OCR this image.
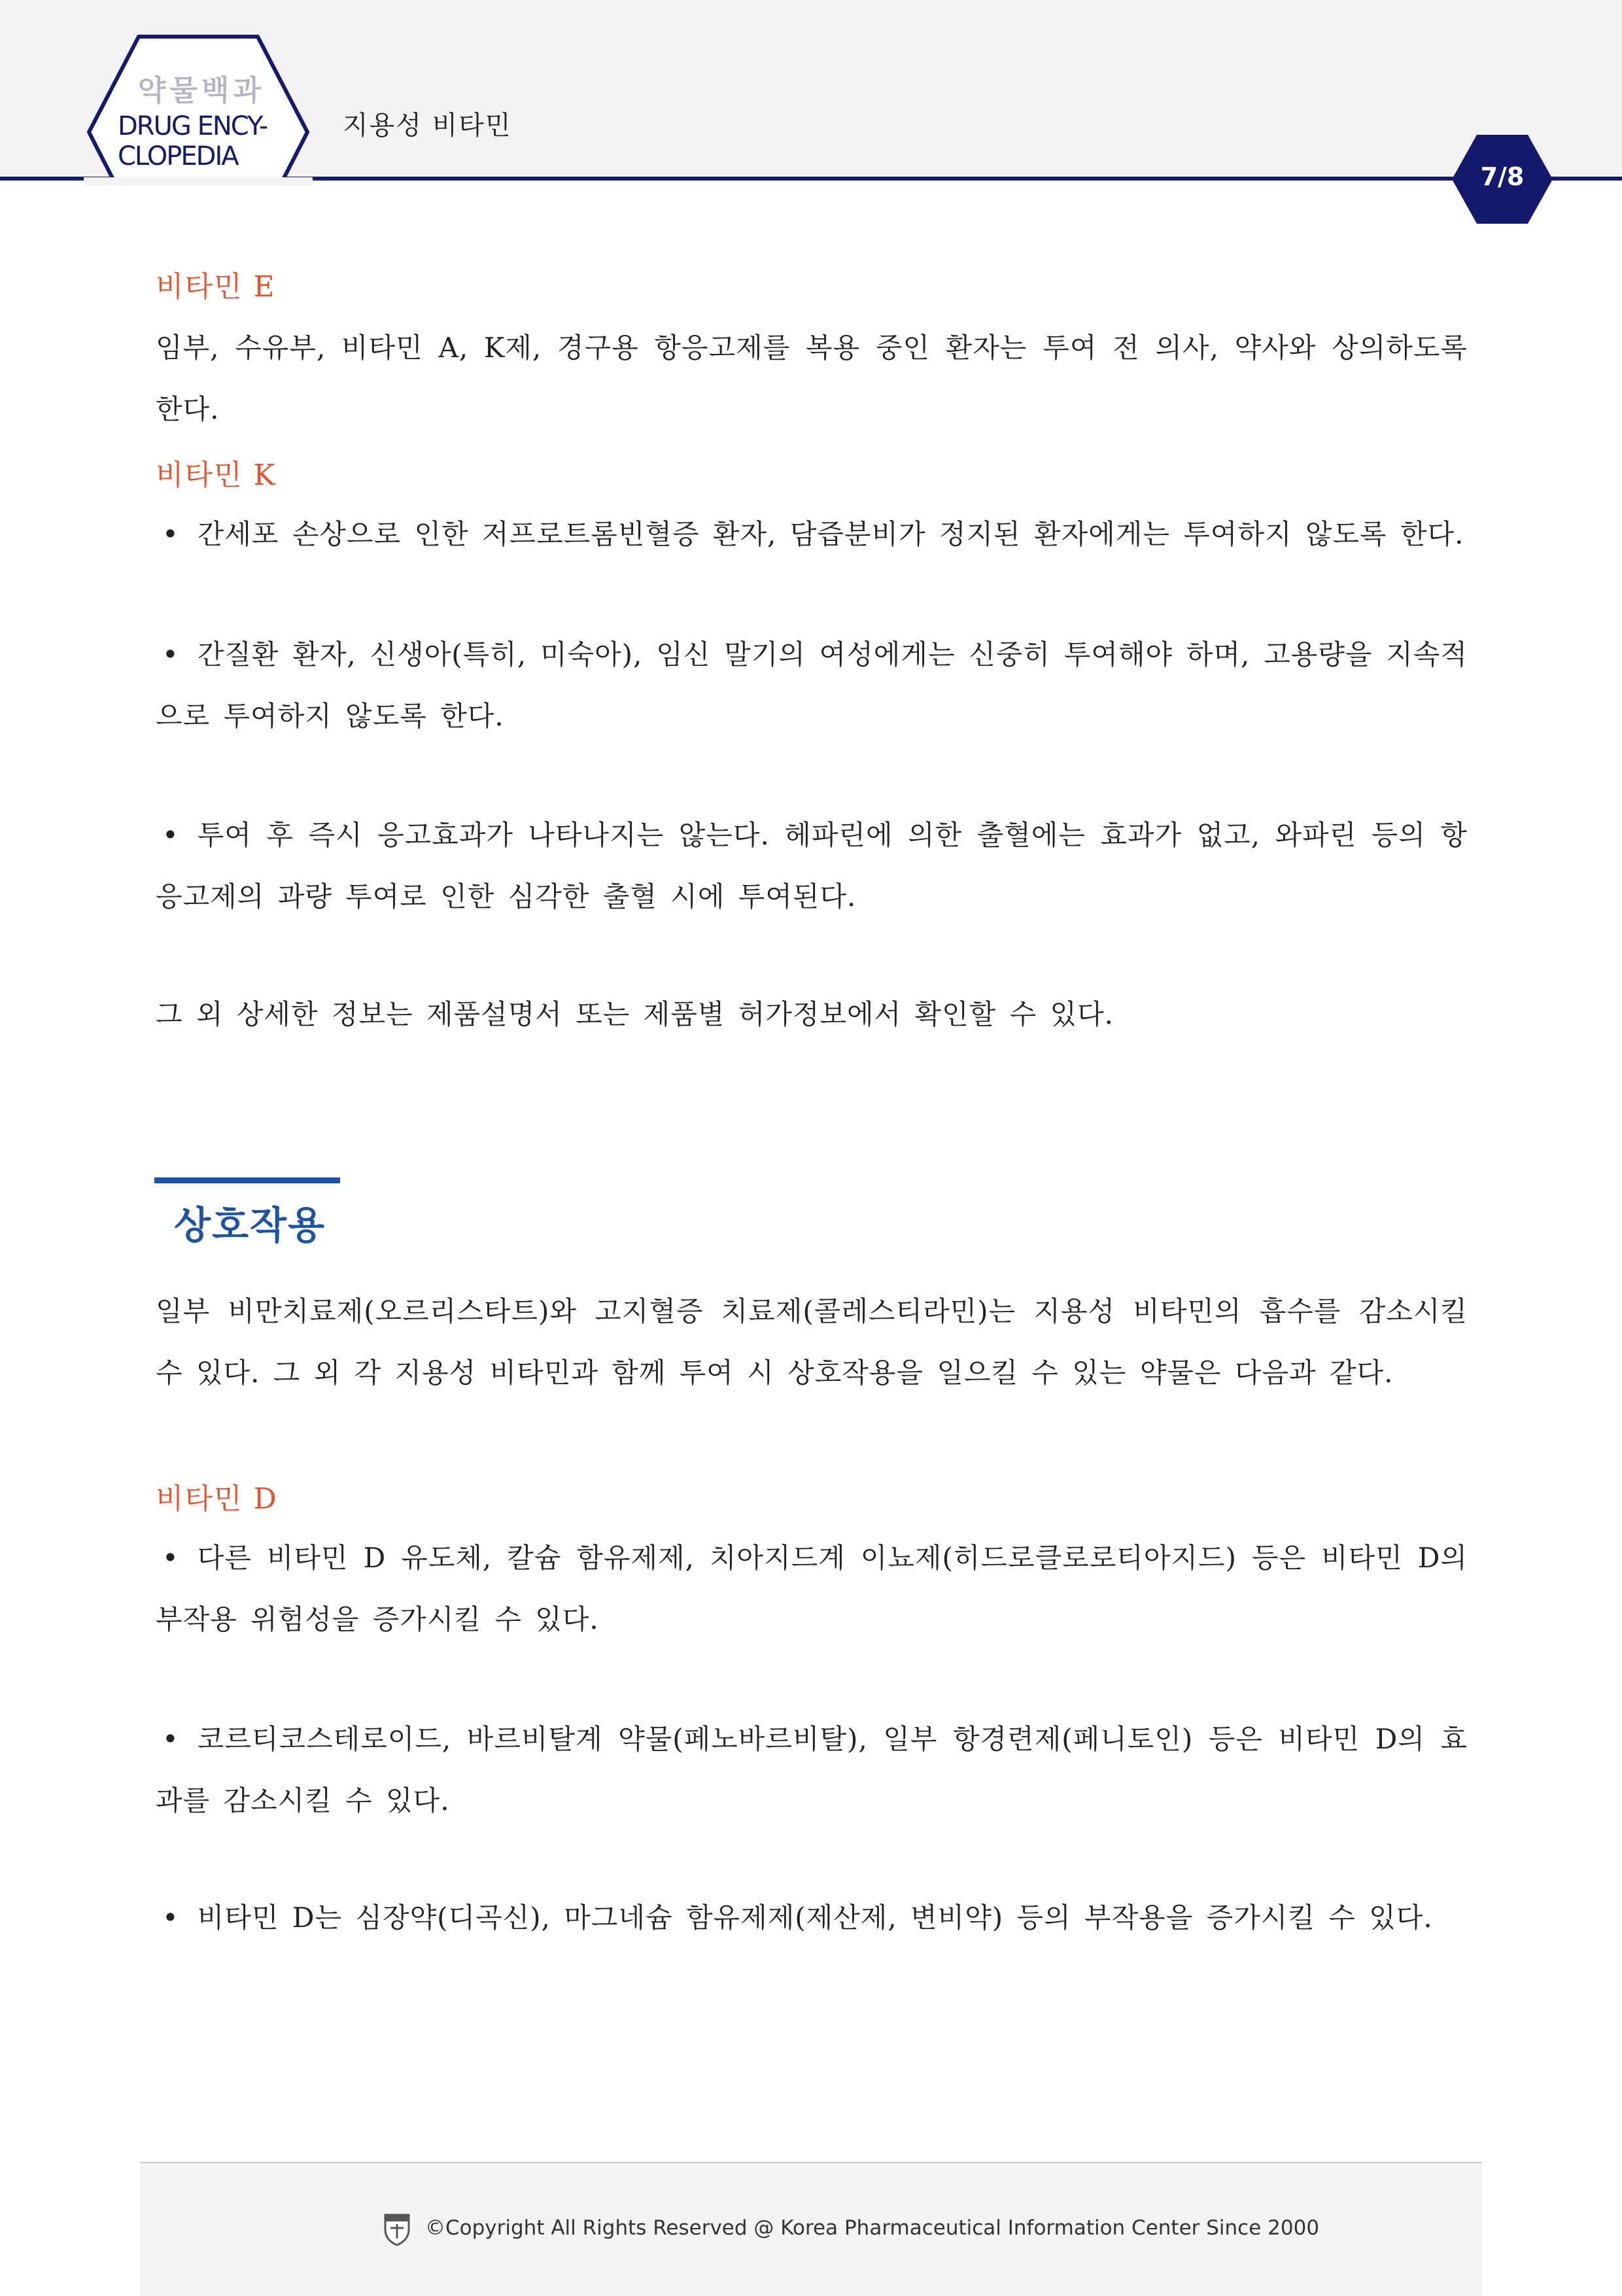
약물백과
DRUG ENCY-
CLOPEDIA
지용성 비타민
7/8
비타민 E
임부, 수유부, 비타민 A, K제, 경구용 항응고제를 복용 중인 환자는 투여 전 의사, 약사와 상의하도록 한다.
비타민 K
• 간세포 손상으로 인한 저프로트롬빈혈증 환자, 담즙분비가 정지된 환자에게는 투여하지 않도록 한다.
• 간질환 환자, 신생아(특히, 미숙아), 임신 말기의 여성에게는 신중히 투여해야 하며, 고용량을 지속적으로 투여하지 않도록 한다.
• 투여 후 즉시 응고효과가 나타나지는 않는다. 헤파린에 의한 출혈에는 효과가 없고, 와파린 등의 항응고제의 과량 투여로 인한 심각한 출혈 시에 투여된다.
그 외 상세한 정보는 제품설명서 또는 제품별 허가정보에서 확인할 수 있다.
상호작용
일부 비만치료제(오르리스타트)와 고지혈증 치료제(콜레스티라민)는 지용성 비타민의 흡수를 감소시킬 수 있다. 그 외 각 지용성 비타민과 함께 투여 시 상호작용을 일으킬 수 있는 약물은 다음과 같다.
비타민 D
• 다른 비타민 D 유도체, 칼슘 함유제제, 치아지드계 이뇨제(히드로클로로티아지드) 등은 비타민 D의 부작용 위험성을 증가시킬 수 있다.
• 코르티코스테로이드, 바르비탈계 약물(페노바르비탈), 일부 항경련제(페니토인) 등은 비타민 D의 효과를 감소시킬 수 있다.
• 비타민 D는 심장약(디곡신), 마그네슘 함유제제(제산제, 변비약) 등의 부작용을 증가시킬 수 있다.
©Copyright All Rights Reserved @ Korea Pharmaceutical Information Center Since 2000
